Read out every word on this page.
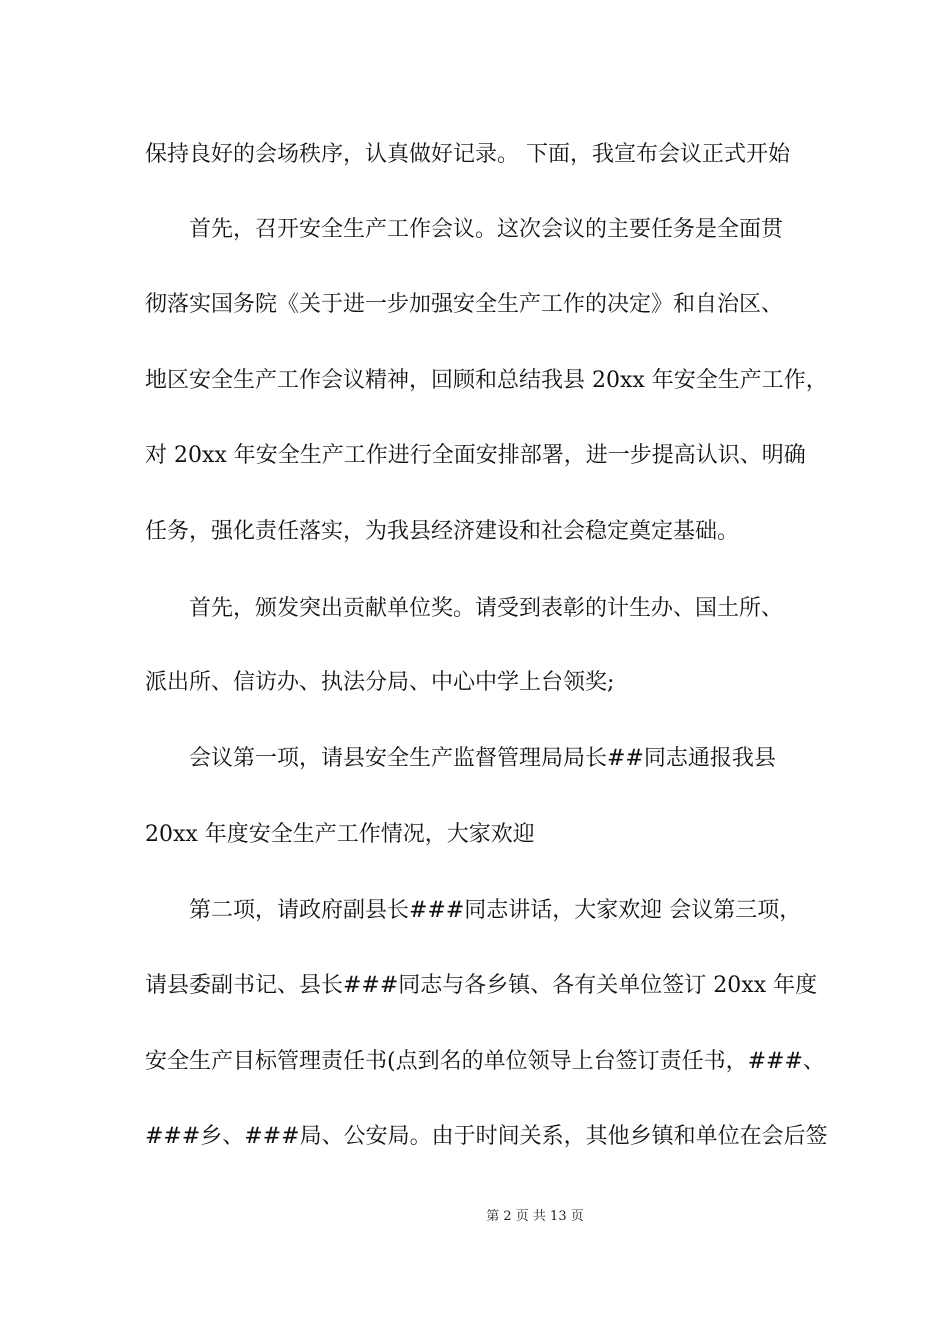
保持良好的会场秩序，认真做好记录。 下面，我宣布会议正式开始
首先，召开安全生产工作会议。这次会议的主要任务是全面贯
彻落实国务院《关于进一步加强安全生产工作的决定》和自治区、
地区安全生产工作会议精神，回顾和总结我县 20xx 年安全生产工作，
对 20xx 年安全生产工作进行全面安排部署，进一步提高认识、明确
任务，强化责任落实，为我县经济建设和社会稳定奠定基础。
首先，颁发突出贡献单位奖。请受到表彰的计生办、国土所、
派出所、信访办、执法分局、中心中学上台领奖;
会议第一项，请县安全生产监督管理局局长##同志通报我县
20xx 年度安全生产工作情况，大家欢迎
第二项，请政府副县长###同志讲话，大家欢迎 会议第三项，
请县委副书记、县长###同志与各乡镇、各有关单位签订 20xx 年度
安全生产目标管理责任书(点到名的单位领导上台签订责任书，###、
###乡、###局、公安局。由于时间关系，其他乡镇和单位在会后签
第 2 页 共 13 页
